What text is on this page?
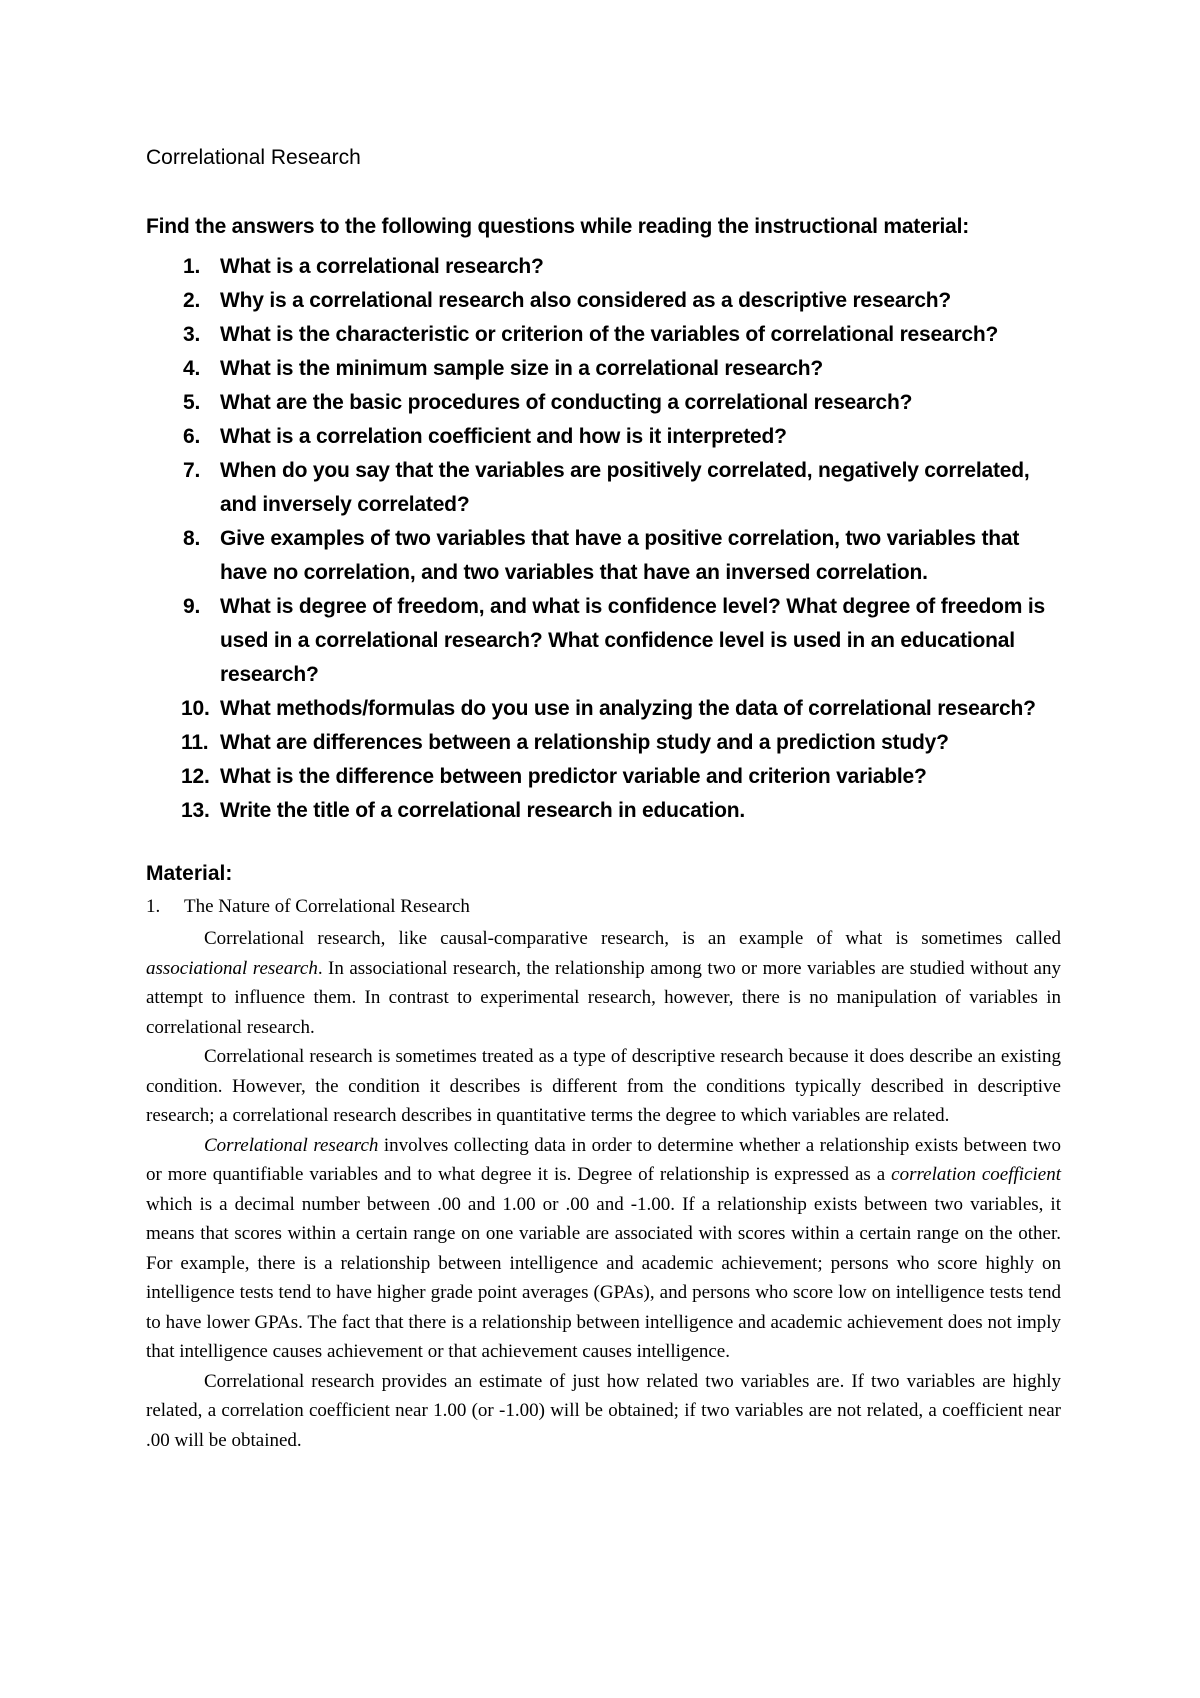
Correlational Research
Find the answers to the following questions while reading the instructional material:
1. What is a correlational research?
2. Why is a correlational research also considered as a descriptive research?
3. What is the characteristic or criterion of the variables of correlational research?
4. What is the minimum sample size in a correlational research?
5. What are the basic procedures of conducting a correlational research?
6. What is a correlation coefficient and how is it interpreted?
7. When do you say that the variables are positively correlated, negatively correlated, and inversely correlated?
8. Give examples of two variables that have a positive correlation, two variables that have no correlation, and two variables that have an inversed correlation.
9. What is degree of freedom, and what is confidence level? What degree of freedom is used in a correlational research? What confidence level is used in an educational research?
10. What methods/formulas do you use in analyzing the data of correlational research?
11. What are differences between a relationship study and a prediction study?
12. What is the difference between predictor variable and criterion variable?
13. Write the title of a correlational research in education.
Material:
1. The Nature of Correlational Research

Correlational research, like causal-comparative research, is an example of what is sometimes called associational research. In associational research, the relationship among two or more variables are studied without any attempt to influence them. In contrast to experimental research, however, there is no manipulation of variables in correlational research.

Correlational research is sometimes treated as a type of descriptive research because it does describe an existing condition. However, the condition it describes is different from the conditions typically described in descriptive research; a correlational research describes in quantitative terms the degree to which variables are related.

Correlational research involves collecting data in order to determine whether a relationship exists between two or more quantifiable variables and to what degree it is. Degree of relationship is expressed as a correlation coefficient which is a decimal number between .00 and 1.00 or .00 and -1.00. If a relationship exists between two variables, it means that scores within a certain range on one variable are associated with scores within a certain range on the other. For example, there is a relationship between intelligence and academic achievement; persons who score highly on intelligence tests tend to have higher grade point averages (GPAs), and persons who score low on intelligence tests tend to have lower GPAs. The fact that there is a relationship between intelligence and academic achievement does not imply that intelligence causes achievement or that achievement causes intelligence.

Correlational research provides an estimate of just how related two variables are. If two variables are highly related, a correlation coefficient near 1.00 (or -1.00) will be obtained; if two variables are not related, a coefficient near .00 will be obtained.
